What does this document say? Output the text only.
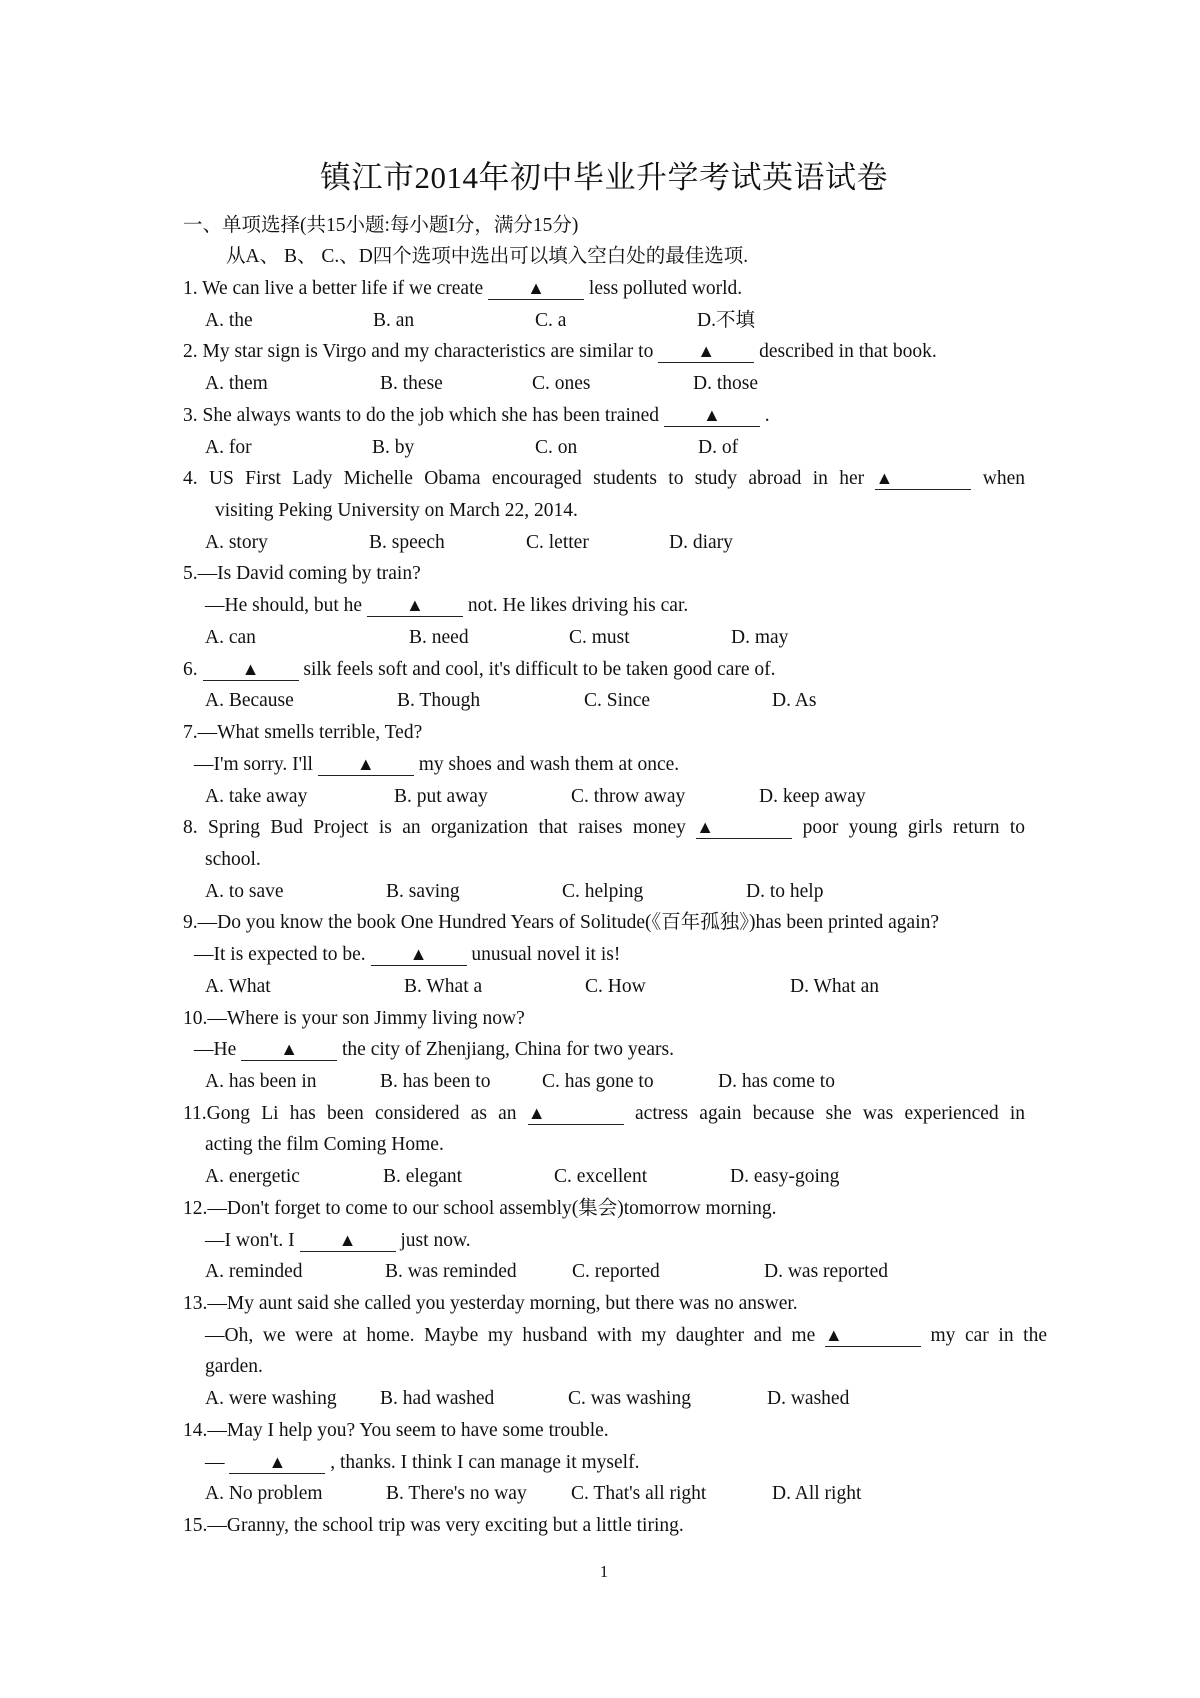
镇江市2014年初中毕业升学考试英语试卷
一、单项选择(共15小题:每小题I分，满分15分)
从A、 B、 C.、D四个选项中选出可以填入空白处的最佳选项.
1. We can live a better life if we create ▲ less polluted world.
A. the	B. an	C. a	D.不填
2. My star sign is Virgo and my characteristics are similar to ▲ described in that book.
A. them	B. these	C. ones	D. those
3. She always wants to do the job which she has been trained ▲ .
A. for	B. by	C. on	D. of
4. US First Lady Michelle Obama encouraged students to study abroad in her ▲	when
visiting Peking University on March 22, 2014.
A. story	B. speech	C. letter	D. diary
5.—Is David coming by train?
—He should, but he ▲ not. He likes driving his car.
A. can	B. need	C. must	D. may
6. ▲ silk feels soft and cool, it's difficult to be taken good care of.
A. Because	B. Though	C. Since	D. As
7.—What smells terrible, Ted?
—I'm sorry. I'll ▲ my shoes and wash them at once.
A. take away	B. put away	C. throw away	D. keep away
8. Spring Bud Project is an organization that raises money ▲	poor young girls return to
school.
A. to save	B. saving	C. helping	D. to help
9.—Do you know the book One Hundred Years of Solitude(《百年孤独》)has been printed again?
—It is expected to be. ▲ unusual novel it is!
A. What	B. What a	C. How	D. What an
10.—Where is your son Jimmy living now?
—He ▲ the city of Zhenjiang, China for two years.
A. has been in	B. has been to	C. has gone to	D. has come to
11.Gong Li has been considered as an ▲	actress again because she was experienced in
acting the film Coming Home.
A. energetic	B. elegant	C. excellent	D. easy-going
12.—Don't forget to come to our school assembly(集会)tomorrow morning.
—I won't. I ▲ just now.
A. reminded	B. was reminded	C. reported	D. was reported
13.—My aunt said she called you yesterday morning, but there was no answer.
—Oh, we were at home. Maybe my husband with my daughter and me ▲	my car in the
garden.
A. were washing B. had washed	C. was washing	D. washed
14.—May I help you? You seem to have some trouble.
— ▲ , thanks. I think I can manage it myself.
A. No problem	B. There's no way C. That's all right	D. All right
15.—Granny, the school trip was very exciting but a little tiring.
1
